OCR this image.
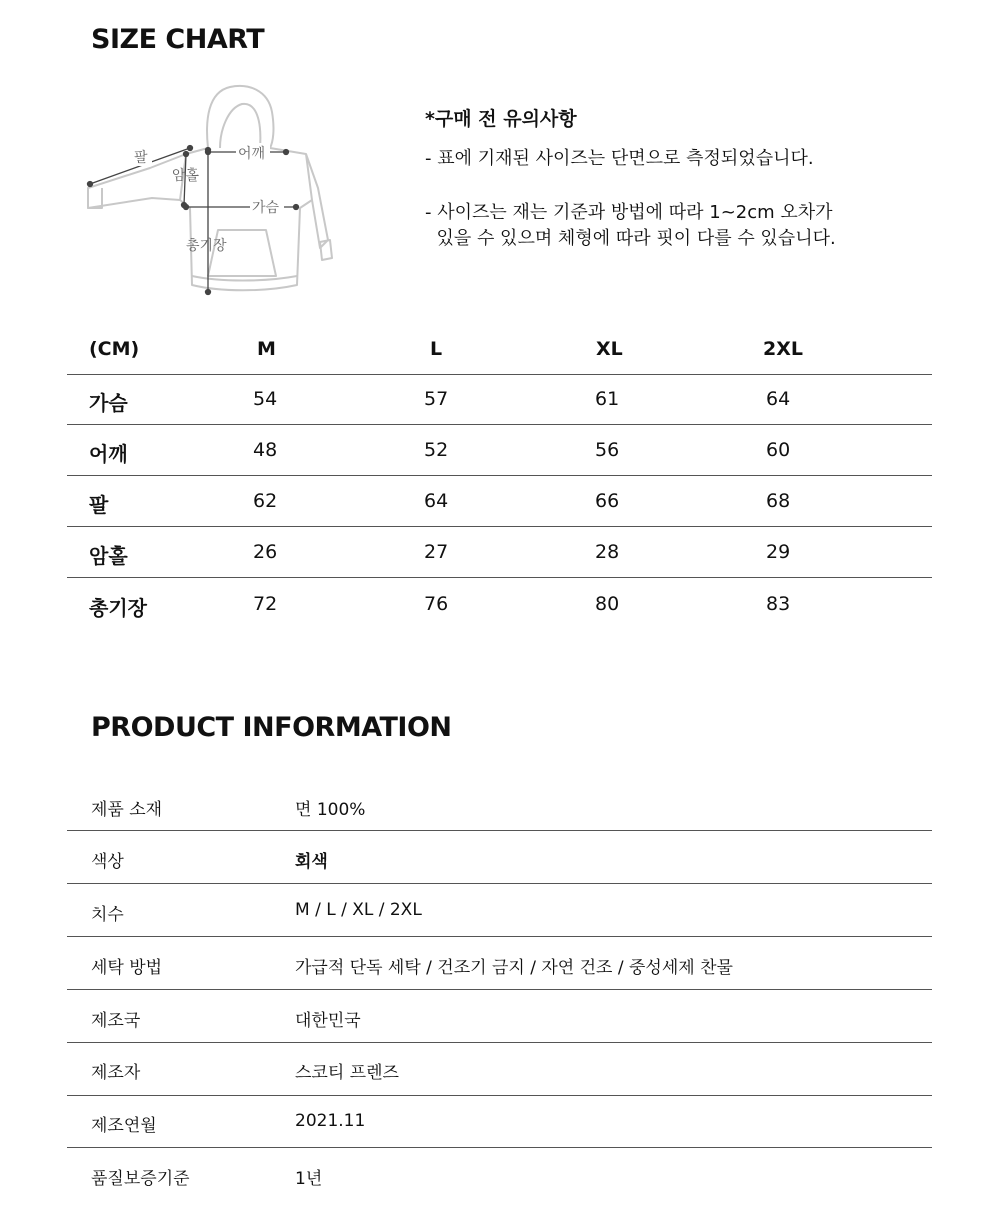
SIZE CHART
팔
암홀
어깨
가슴
총기장
*구매 전 유의사항
- 표에 기재된 사이즈는 단면으로 측정되었습니다.
- 사이즈는 재는 기준과 방법에 따라 1~2cm 오차가
있을 수 있으며 체형에 따라 핏이 다를 수 있습니다.
(CM)	M	L	XL	2XL
가슴	54	57	61	64
어깨	48	52	56	60
팔	62	64	66	68
암홀	26	27	28	29
총기장	72	76	80	83
PRODUCT INFORMATION
제품 소재	면 100%
색상	회색
치수	M / L / XL / 2XL
세탁 방법	가급적 단독 세탁 / 건조기 금지 / 자연 건조 / 중성세제 찬물
제조국	대한민국
제조자	스코티 프렌즈
제조연월	2021.11
품질보증기준	1년
